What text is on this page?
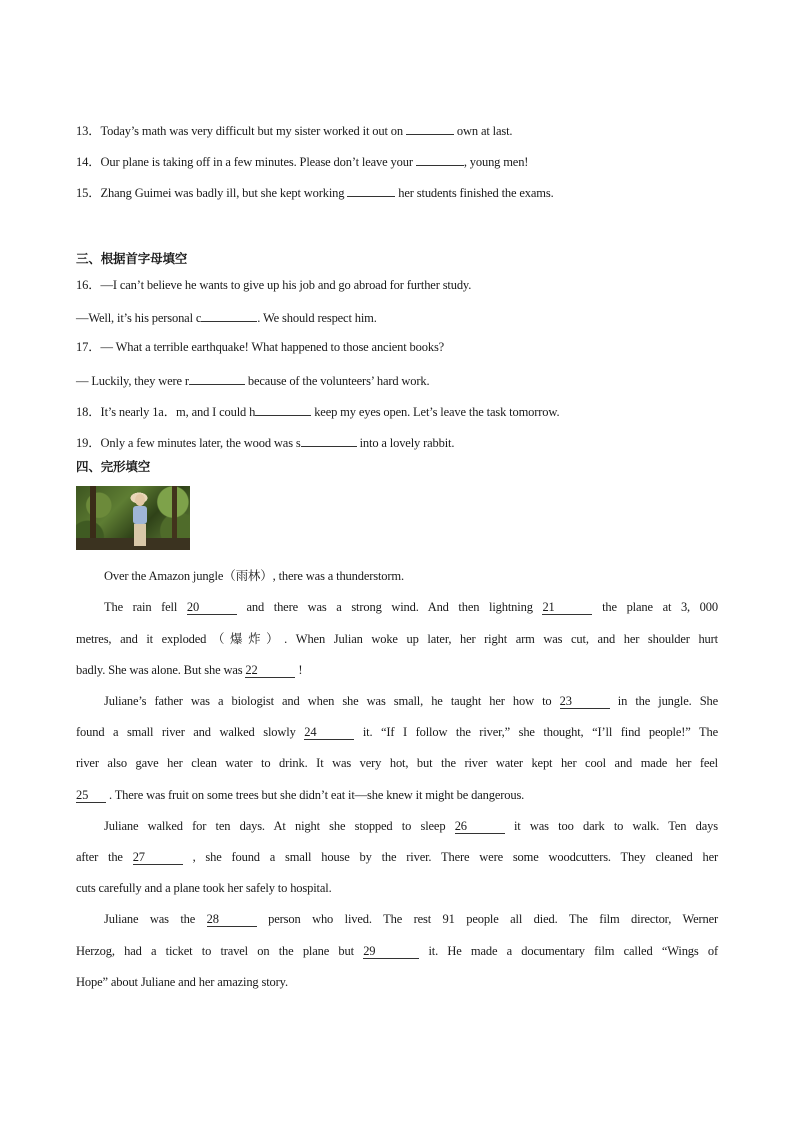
13．Today’s math was very difficult but my sister worked it out on	own at last.
14．Our plane is taking off in a few minutes. Please don’t leave your	, young men!
15．Zhang Guimei was badly ill, but she kept working	her students finished the exams.
三、根据首字母填空
16．—I can’t believe he wants to give up his job and go abroad for further study.
—Well, it’s his personal c	. We should respect him.
17．— What a terrible earthquake! What happened to those ancient books?
— Luckily, they were r	because of the volunteers’ hard work.
18．It’s nearly 1a．m, and I could h	keep my eyes open. Let’s leave the task tomorrow.
19．Only a few minutes later, the wood was s	into a lovely rabbit.
四、完形填空
Over the Amazon jungle（雨林）, there was a thunderstorm.
The rain fell 20	and there was a strong wind. And then lightning 21	the plane at 3, 000
metres, and it exploded（爆炸）. When Julian woke up later, her right arm was cut, and her shoulder hurt
badly. She was alone. But she was 22	!
Juliane’s father was a biologist and when she was small, he taught her how to 23	in the jungle. She
found a small river and walked slowly 24	it. “If I follow the river,” she thought, “I’ll find people!” The
river also gave her clean water to drink. It was very hot, but the river water kept her cool and made her feel
25 . There was fruit on some trees but she didn’t eat it—she knew it might be dangerous.
Juliane walked for ten days. At night she stopped to sleep 26	it was too dark to walk. Ten days
after the 27	, she found a small house by the river. There were some woodcutters. They cleaned her
cuts carefully and a plane took her safely to hospital.
Juliane was the 28	person who lived. The rest 91 people all died. The film director, Werner
Herzog, had a ticket to travel on the plane but 29	it. He made a documentary film called “Wings of
Hope” about Juliane and her amazing story.
